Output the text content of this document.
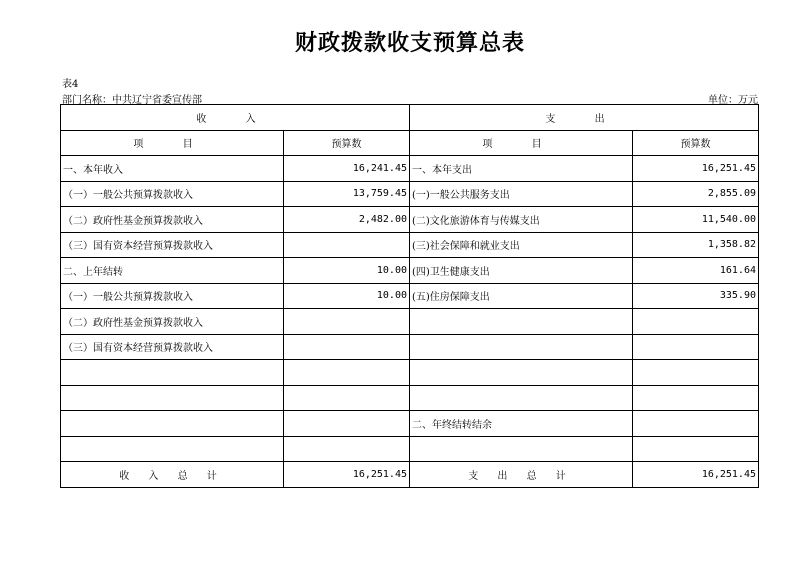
财政拨款收支预算总表
表4
部门名称：中共辽宁省委宣传部	单位：万元
收 入		支 出	
项 目	预算数	项 目	预算数
一、本年收入	16,241.45	一、本年支出	16,251.45
（一）一般公共预算拨款收入	13,759.45	(一)一般公共服务支出	2,855.09
（二）政府性基金预算拨款收入	2,482.00	(二)文化旅游体育与传媒支出	11,540.00
（三）国有资本经营预算拨款收入		(三)社会保障和就业支出	1,358.82
二、上年结转	10.00	(四)卫生健康支出	161.64
（一）一般公共预算拨款收入	10.00	(五)住房保障支出	335.90
（二）政府性基金预算拨款收入			
（三）国有资本经营预算拨款收入			

		二、年终结转结余	

收 入 总 计	16,251.45	支 出 总 计	16,251.45
